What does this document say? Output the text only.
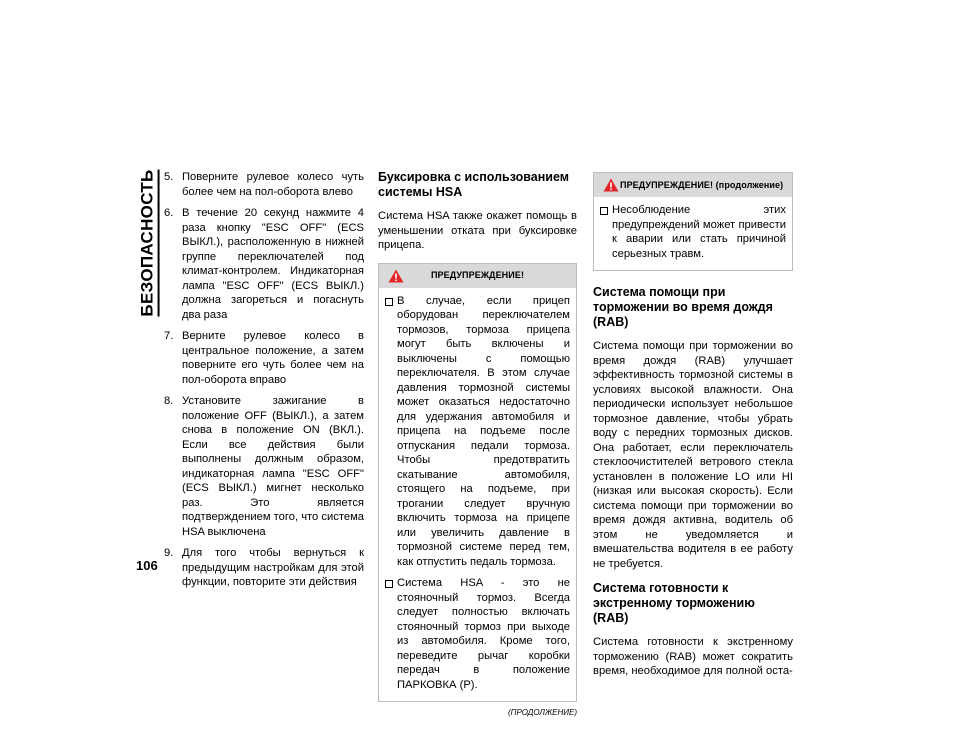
БЕЗОПАСНОСТЬ
106
5. Поверните рулевое колесо чуть более чем на пол-оборота влево
6. В течение 20 секунд нажмите 4 раза кнопку "ESC OFF" (ECS ВЫКЛ.), расположенную в нижней группе переключателей под климат-контролем. Индикаторная лампа "ESC OFF" (ECS ВЫКЛ.) должна загореться и погаснуть два раза
7. Верните рулевое колесо в центральное положение, а затем поверните его чуть более чем на пол-оборота вправо
8. Установите зажигание в положение OFF (ВЫКЛ.), а затем снова в положение ON (ВКЛ.). Если все действия были выполнены должным образом, индикаторная лампа "ESC OFF" (ECS ВЫКЛ.) мигнет несколько раз. Это является подтверждением того, что система HSA выключена
9. Для того чтобы вернуться к предыдущим настройкам для этой функции, повторите эти действия
Буксировка с использованием системы HSA

Система HSA также окажет помощь в уменьшении отката при буксировке прицепа.

ПРЕДУПРЕЖДЕНИЕ!
В случае, если прицеп оборудован переключателем тормозов, тормоза прицепа могут быть включены и выключены с помощью переключателя. В этом случае давления тормозной системы может оказаться недостаточно для удержания автомобиля и прицепа на подъеме после отпускания педали тормоза. Чтобы предотвратить скатывание автомобиля, стоящего на подъеме, при трогании следует вручную включить тормоза на прицепе или увеличить давление в тормозной системе перед тем, как отпустить педаль тормоза.
Система HSA - это не стояночный тормоз. Всегда следует полностью включать стояночный тормоз при выходе из автомобиля. Кроме того, переведите рычаг коробки передач в положение ПАРКОВКА (P).
(ПРОДОЛЖЕНИЕ)
ПРЕДУПРЕЖДЕНИЕ! (продолжение)
Несоблюдение этих предупреждений может привести к аварии или стать причиной серьезных травм.
Система помощи при торможении во время дождя (RAB)

Система помощи при торможении во время дождя (RAB) улучшает эффективность тормозной системы в условиях высокой влажности. Она периодически использует небольшое тормозное давление, чтобы убрать воду с передних тормозных дисков. Она работает, если переключатель стеклоочистителей ветрового стекла установлен в положение LO или HI (низкая или высокая скорость). Если система помощи при торможении во время дождя активна, водитель об этом не уведомляется и вмешательства водителя в ее работу не требуется.

Система готовности к экстренному торможению (RAB)

Система готовности к экстренному торможению (RAB) может сократить время, необходимое для полной оста-
